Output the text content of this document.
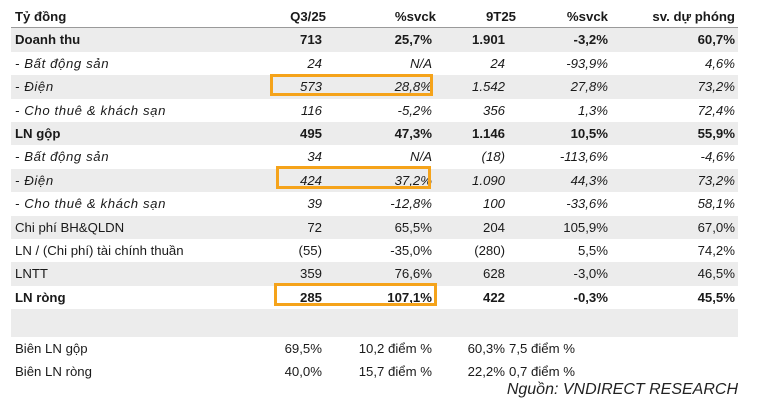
Tỷ đồng	Q3/25	%svck	9T25	%svck	sv. dự phóng
Doanh thu	713	25,7%	1.901	-3,2%	60,7%
- Bất động sản	24	N/A	24	-93,9%	4,6%
- Điện	573	28,8%	1.542	27,8%	73,2%
- Cho thuê & khách sạn	116	-5,2%	356	1,3%	72,4%
LN gộp	495	47,3%	1.146	10,5%	55,9%
- Bất động sản	34	N/A	(18)	-113,6%	-4,6%
- Điện	424	37,2%	1.090	44,3%	73,2%
- Cho thuê & khách sạn	39	-12,8%	100	-33,6%	58,1%
Chi phí BH&QLDN	72	65,5%	204	105,9%	67,0%
LN / (Chi phí) tài chính thuần	(55)	-35,0%	(280)	5,5%	74,2%
LNTT	359	76,6%	628	-3,0%	46,5%
LN ròng	285	107,1%	422	-0,3%	45,5%
Biên LN gộp	69,5%	10,2 điểm %	60,3% 7,5 điểm %
Biên LN ròng	40,0%	15,7 điểm %	22,2% 0,7 điểm %
Nguồn: VNDIRECT RESEARCH
